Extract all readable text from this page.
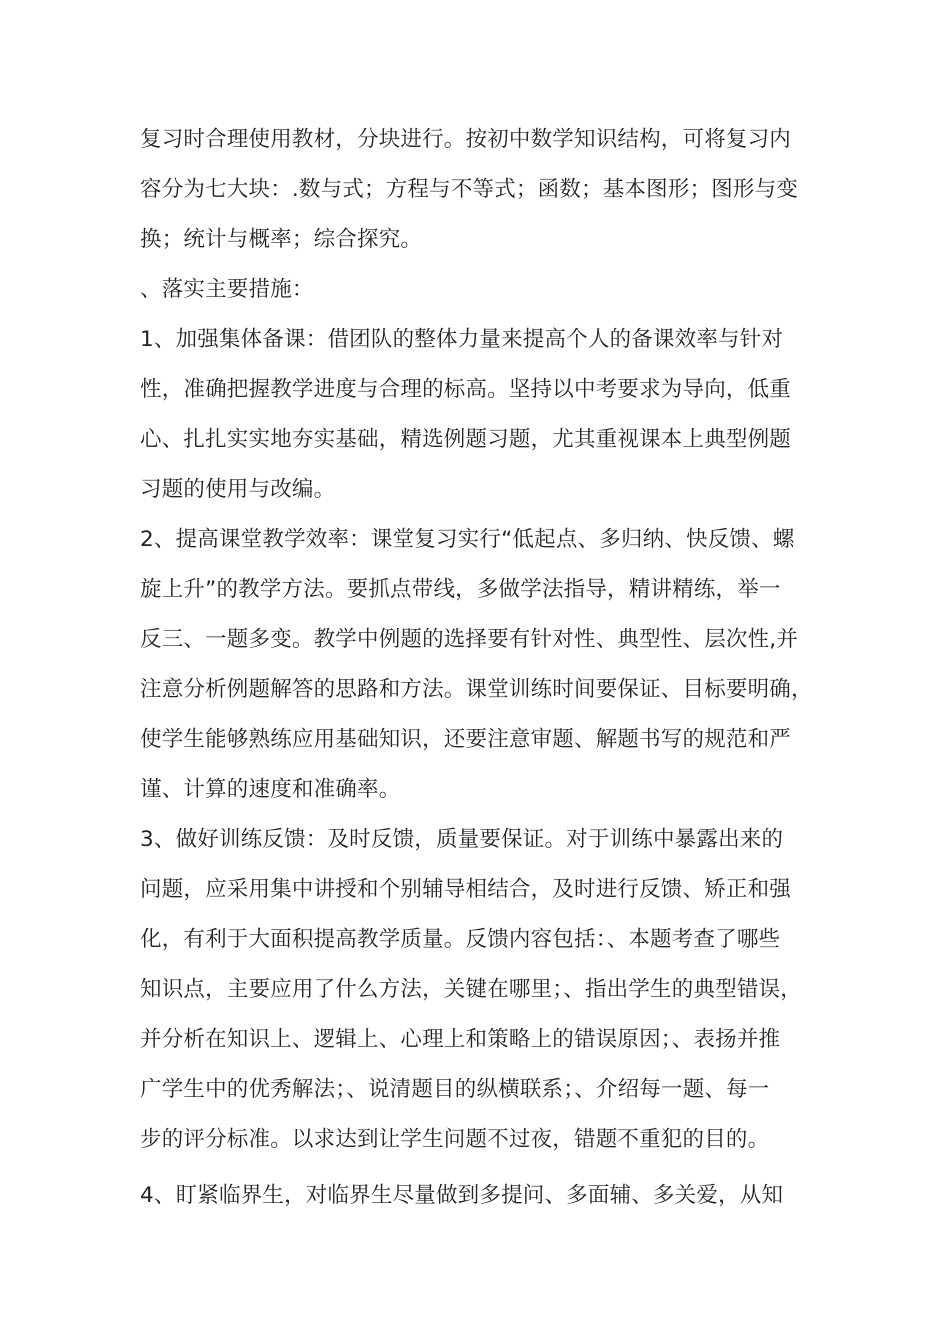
复习时合理使用教材，分块进行。按初中数学知识结构，可将复习内

容分为七大块：.数与式；方程与不等式；函数；基本图形；图形与变

换；统计与概率；综合探究。

、落实主要措施：

1、加强集体备课：借团队的整体力量来提高个人的备课效率与针对

性，准确把握教学进度与合理的标高。坚持以中考要求为导向，低重

心、扎扎实实地夯实基础，精选例题习题，尤其重视课本上典型例题

习题的使用与改编。

2、提高课堂教学效率：课堂复习实行“低起点、多归纳、快反馈、螺

旋上升”的教学方法。要抓点带线，多做学法指导，精讲精练，举一

反三、一题多变。教学中例题的选择要有针对性、典型性、层次性,并

注意分析例题解答的思路和方法。课堂训练时间要保证、目标要明确，

使学生能够熟练应用基础知识，还要注意审题、解题书写的规范和严

谨、计算的速度和准确率。

3、做好训练反馈：及时反馈，质量要保证。对于训练中暴露出来的

问题，应采用集中讲授和个别辅导相结合，及时进行反馈、矫正和强

化，有利于大面积提高教学质量。反馈内容包括：、本题考查了哪些

知识点，主要应用了什么方法，关键在哪里；、指出学生的典型错误，

并分析在知识上、逻辑上、心理上和策略上的错误原因；、表扬并推

广学生中的优秀解法；、说清题目的纵横联系；、介绍每一题、每一

步的评分标准。以求达到让学生问题不过夜，错题不重犯的目的。

4、盯紧临界生，对临界生尽量做到多提问、多面辅、多关爱，从知
